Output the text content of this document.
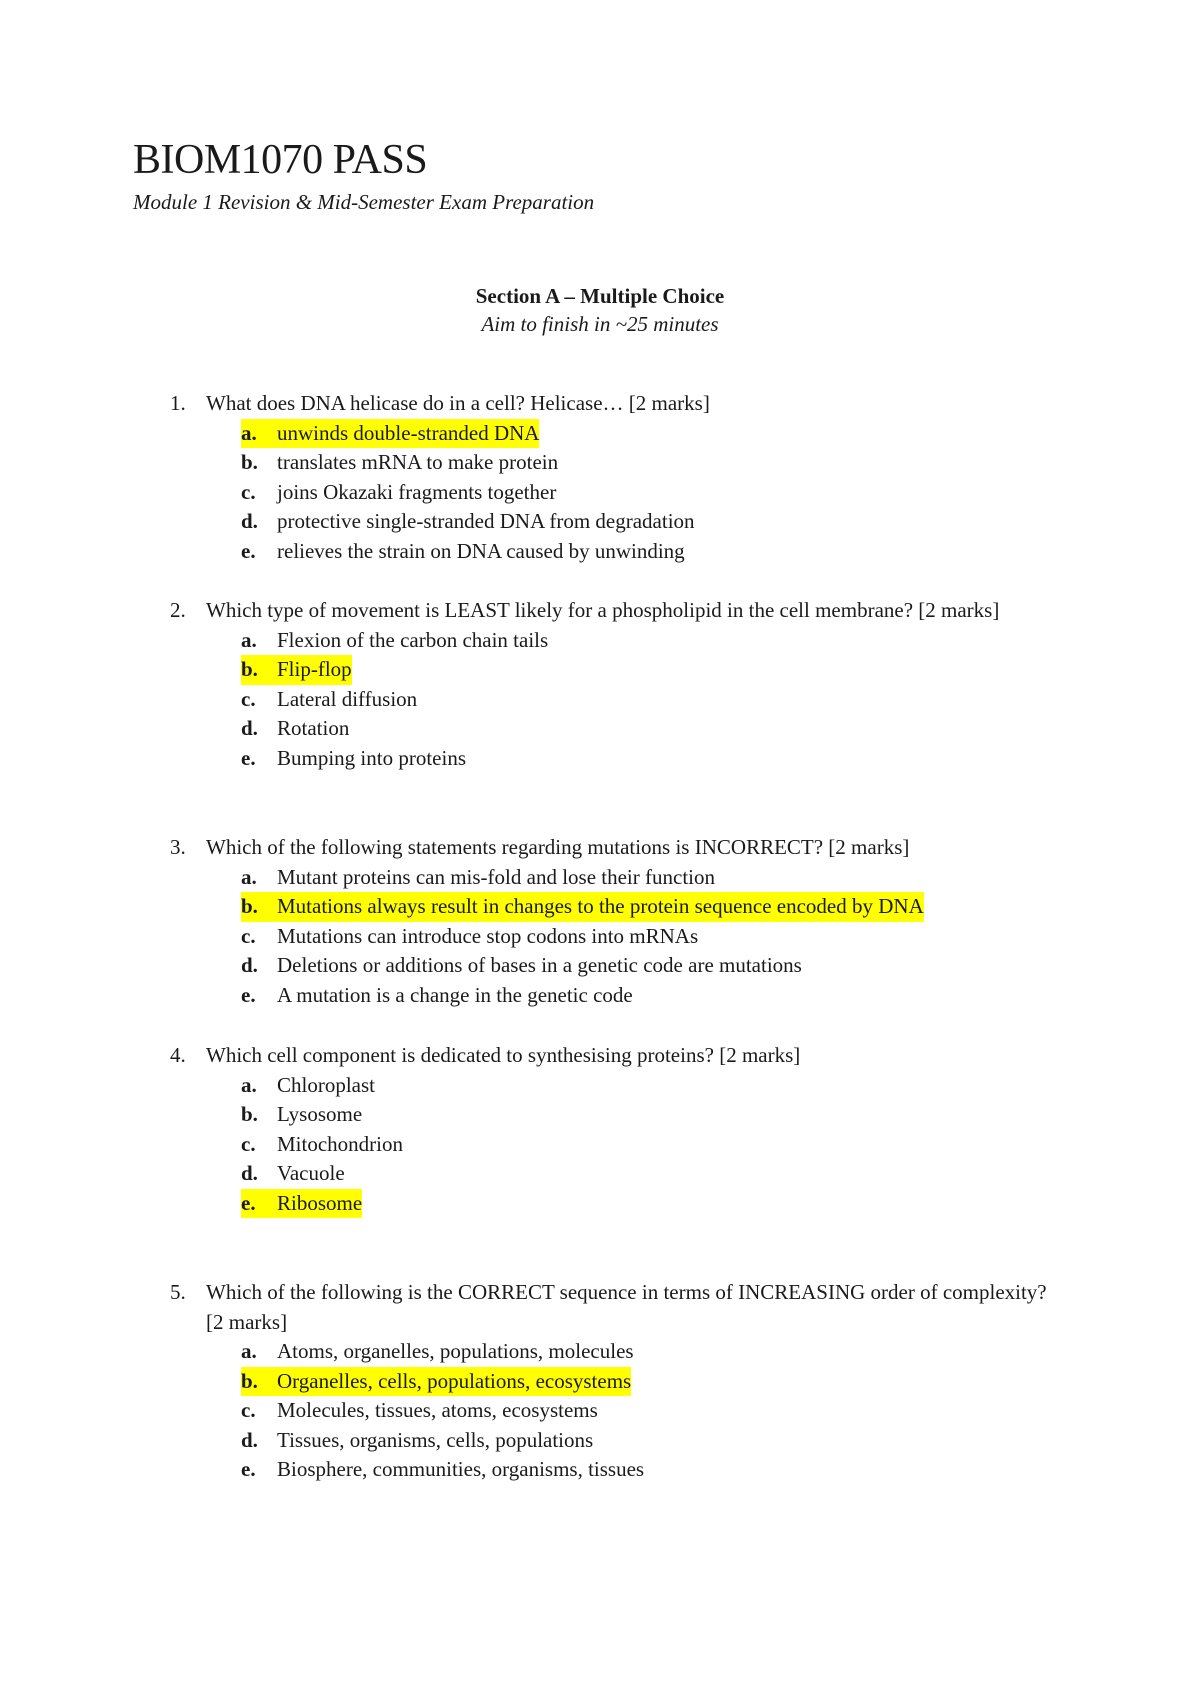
BIOM1070 PASS

Module 1 Revision & Mid-Semester Exam Preparation

Section A – Multiple Choice

Aim to finish in ~25 minutes

1. What does DNA helicase do in a cell? Helicase… [2 marks]
a. unwinds double-stranded DNA
b. translates mRNA to make protein
c. joins Okazaki fragments together
d. protective single-stranded DNA from degradation
e. relieves the strain on DNA caused by unwinding
2. Which type of movement is LEAST likely for a phospholipid in the cell membrane? [2 marks]
a. Flexion of the carbon chain tails
b. Flip-flop
c. Lateral diffusion
d. Rotation
e. Bumping into proteins
3. Which of the following statements regarding mutations is INCORRECT? [2 marks]
a. Mutant proteins can mis-fold and lose their function
b. Mutations always result in changes to the protein sequence encoded by DNA
c. Mutations can introduce stop codons into mRNAs
d. Deletions or additions of bases in a genetic code are mutations
e. A mutation is a change in the genetic code
4. Which cell component is dedicated to synthesising proteins? [2 marks]
a. Chloroplast
b. Lysosome
c. Mitochondrion
d. Vacuole
e. Ribosome
5. Which of the following is the CORRECT sequence in terms of INCREASING order of complexity? [2 marks]
a. Atoms, organelles, populations, molecules
b. Organelles, cells, populations, ecosystems
c. Molecules, tissues, atoms, ecosystems
d. Tissues, organisms, cells, populations
e. Biosphere, communities, organisms, tissues
